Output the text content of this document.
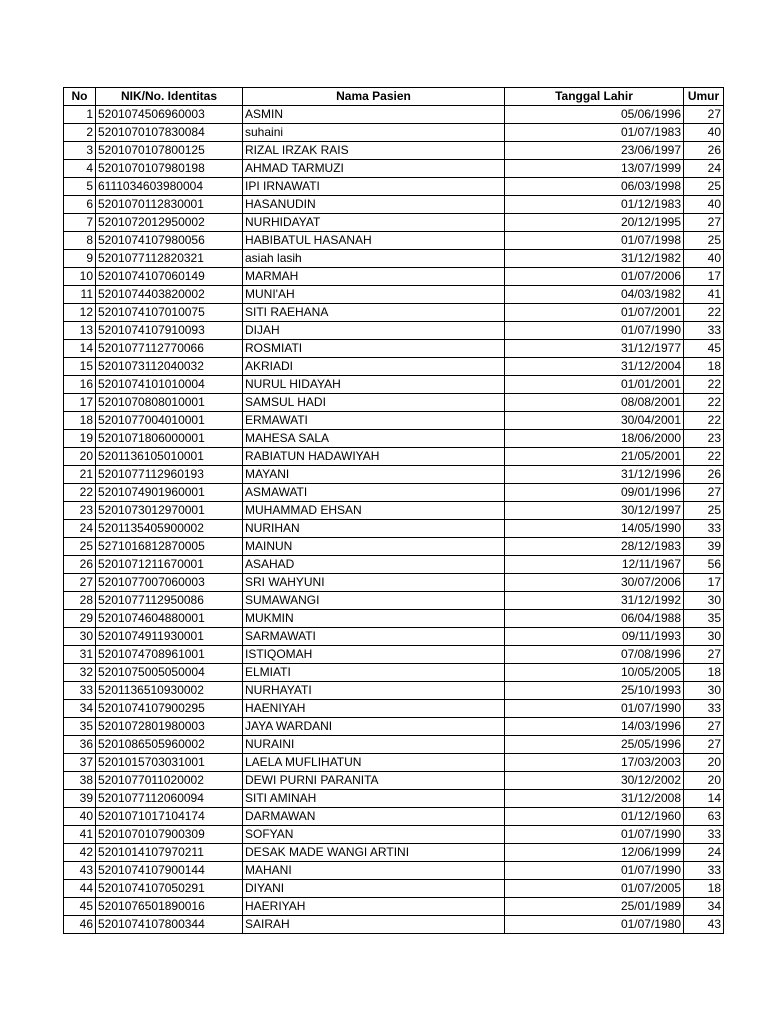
No	NIK/No. Identitas	Nama Pasien	Tanggal Lahir	Umur
1	5201074506960003	ASMIN	05/06/1996	27
2	5201070107830084	suhaini	01/07/1983	40
3	5201070107800125	RIZAL IRZAK RAIS	23/06/1997	26
4	5201070107980198	AHMAD TARMUZI	13/07/1999	24
5	6111034603980004	IPI IRNAWATI	06/03/1998	25
6	5201070112830001	HASANUDIN	01/12/1983	40
7	5201072012950002	NURHIDAYAT	20/12/1995	27
8	5201074107980056	HABIBATUL HASANAH	01/07/1998	25
9	5201077112820321	asiah lasih	31/12/1982	40
10	5201074107060149	MARMAH	01/07/2006	17
11	5201074403820002	MUNI'AH	04/03/1982	41
12	5201074107010075	SITI RAEHANA	01/07/2001	22
13	5201074107910093	DIJAH	01/07/1990	33
14	5201077112770066	ROSMIATI	31/12/1977	45
15	5201073112040032	AKRIADI	31/12/2004	18
16	5201074101010004	NURUL HIDAYAH	01/01/2001	22
17	5201070808010001	SAMSUL HADI	08/08/2001	22
18	5201077004010001	ERMAWATI	30/04/2001	22
19	5201071806000001	MAHESA SALA	18/06/2000	23
20	5201136105010001	RABIATUN HADAWIYAH	21/05/2001	22
21	5201077112960193	MAYANI	31/12/1996	26
22	5201074901960001	ASMAWATI	09/01/1996	27
23	5201073012970001	MUHAMMAD EHSAN	30/12/1997	25
24	5201135405900002	NURIHAN	14/05/1990	33
25	5271016812870005	MAINUN	28/12/1983	39
26	5201071211670001	ASAHAD	12/11/1967	56
27	5201077007060003	SRI WAHYUNI	30/07/2006	17
28	5201077112950086	SUMAWANGI	31/12/1992	30
29	5201074604880001	MUKMIN	06/04/1988	35
30	5201074911930001	SARMAWATI	09/11/1993	30
31	5201074708961001	ISTIQOMAH	07/08/1996	27
32	5201075005050004	ELMIATI	10/05/2005	18
33	5201136510930002	NURHAYATI	25/10/1993	30
34	5201074107900295	HAENIYAH	01/07/1990	33
35	5201072801980003	JAYA WARDANI	14/03/1996	27
36	5201086505960002	NURAINI	25/05/1996	27
37	5201015703031001	LAELA MUFLIHATUN	17/03/2003	20
38	5201077011020002	DEWI PURNI PARANITA	30/12/2002	20
39	5201077112060094	SITI AMINAH	31/12/2008	14
40	5201071017104174	DARMAWAN	01/12/1960	63
41	5201070107900309	SOFYAN	01/07/1990	33
42	5201014107970211	DESAK MADE WANGI ARTINI	12/06/1999	24
43	5201074107900144	MAHANI	01/07/1990	33
44	5201074107050291	DIYANI	01/07/2005	18
45	5201076501890016	HAERIYAH	25/01/1989	34
46	5201074107800344	SAIRAH	01/07/1980	43
